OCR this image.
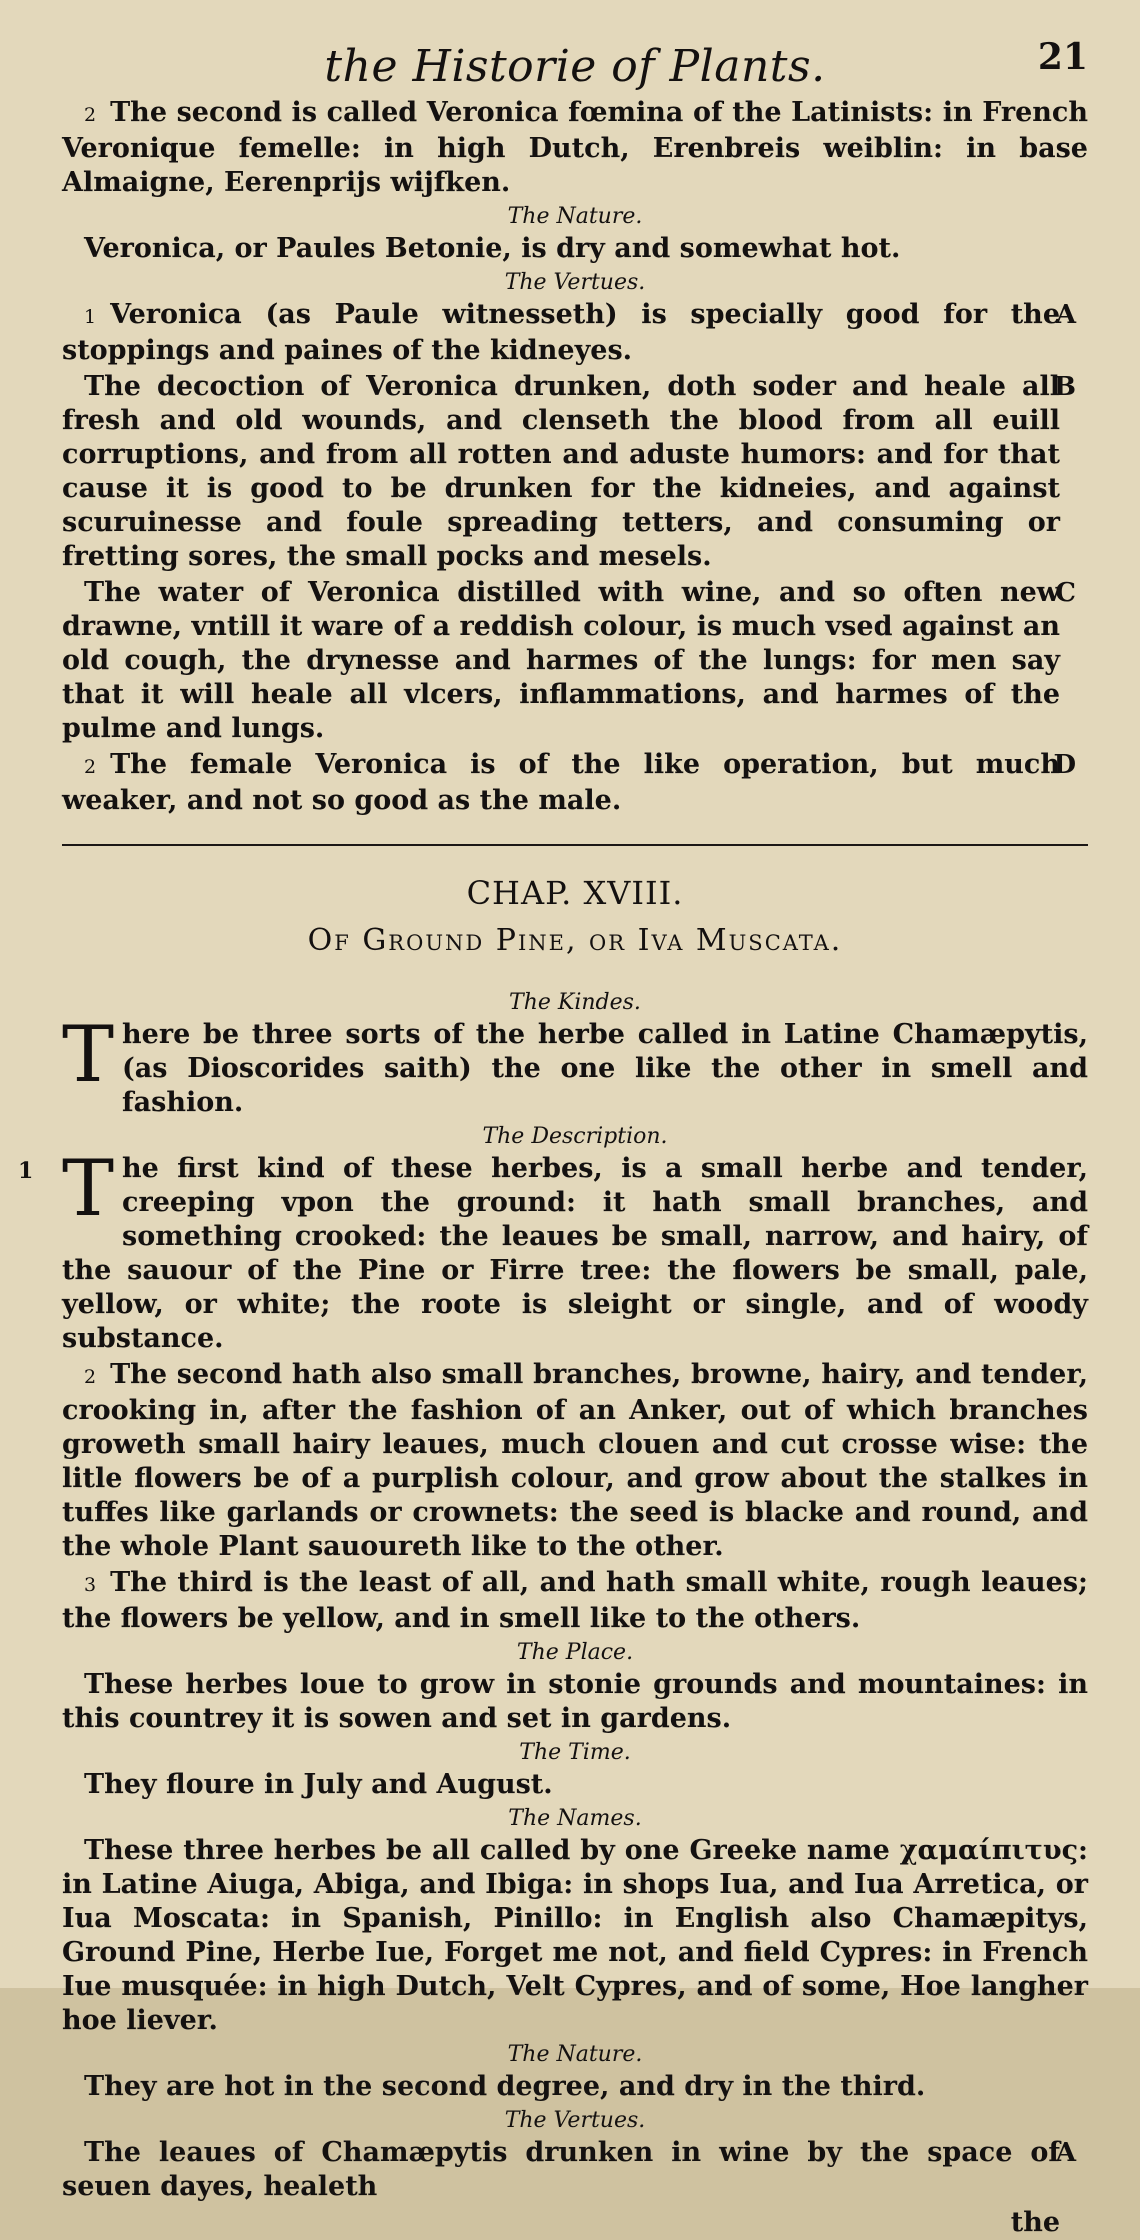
the Historie of Plants.	21

2 The second is called Veronica fœmina of the Latinists: in French Veronique femelle: in high Dutch, Erenbreis weiblin: in base Almaigne, Eerenprijs wijfken.

The Nature.

Veronica, or Paules Betonie, is dry and somewhat hot.

The Vertues.

1 Veronica (as Paule witnesseth) is specially good for the stoppings and paines of the kidneyes.

A

The decoction of Veronica drunken, doth soder and heale all fresh and old wounds, and clenseth the blood from all euill corruptions, and from all rotten and aduste humors: and for that cause it is good to be drunken for the kidneies, and against scuruinesse and foule spreading tetters, and consuming or fretting sores, the small pocks and mesels.

B

The water of Veronica distilled with wine, and so often new drawne, vntill it ware of a reddish colour, is much vsed against an old cough, the drynesse and harmes of the lungs: for men say that it will heale all vlcers, inflammations, and harmes of the pulme and lungs.

C

2 The female Veronica is of the like operation, but much weaker, and not so good as the male.

D
CHAP. XVIII.
Of Ground Pine, or Iva Muscata.

The Kindes.

There be three sorts of the herbe called in Latine Chamæpytis, (as Dioscorides saith) the one like the other in smell and fashion.

The Description.

1 The first kind of these herbes, is a small herbe and tender, creeping vpon the ground: it hath small branches, and something crooked: the leaues be small, narrow, and hairy, of the sauour of the Pine or Firre tree: the flowers be small, pale, yellow, or white; the roote is sleight or single, and of woody substance.

2 The second hath also small branches, browne, hairy, and tender, crooking in, after the fashion of an Anker, out of which branches groweth small hairy leaues, much clouen and cut crosse wise: the litle flowers be of a purplish colour, and grow about the stalkes in tuffes like garlands or crownets: the seed is blacke and round, and the whole Plant sauoureth like to the other.

3 The third is the least of all, and hath small white, rough leaues; the flowers be yellow, and in smell like to the others.

The Place.

These herbes loue to grow in stonie grounds and mountaines: in this countrey it is sowen and set in gardens.

The Time.

They floure in July and August.

The Names.

These three herbes be all called by one Greeke name χαμαίπιτυς: in Latine Aiuga, Abiga, and Ibiga: in shops Iua, and Iua Arretica, or Iua Moscata: in Spanish, Pinillo: in English also Chamæpitys, Ground Pine, Herbe Iue, Forget me not, and field Cypres: in French Iue musquée: in high Dutch, Velt Cypres, and of some, Hoe langher hoe liever.

The Nature.

They are hot in the second degree, and dry in the third.

The Vertues.

The leaues of Chamæpytis drunken in wine by the space of seuen dayes, healeth

A
the
